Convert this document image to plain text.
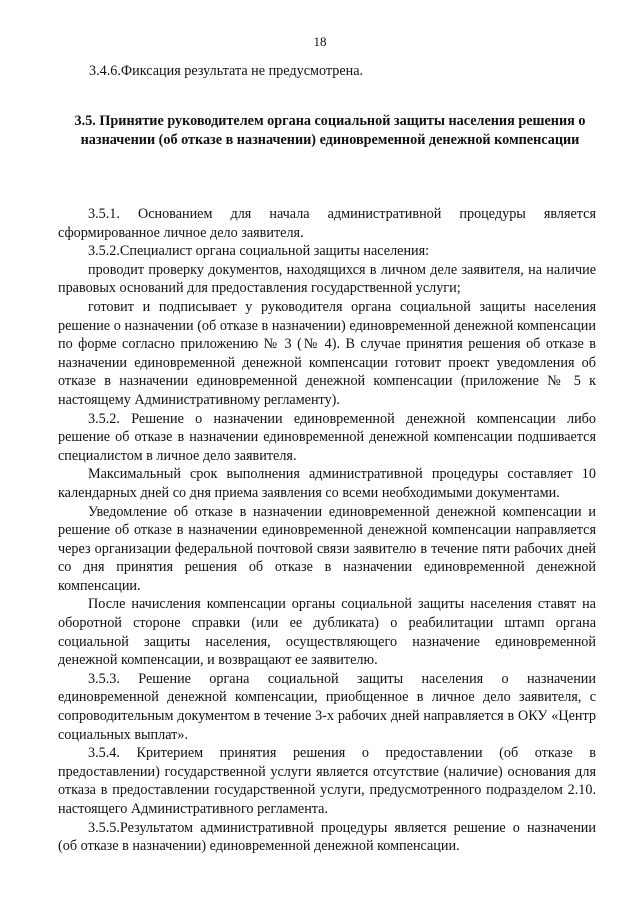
18
3.4.6.Фиксация результата не предусмотрена.
3.5. Принятие руководителем органа социальной защиты населения решения о назначении (об отказе в назначении) единовременной денежной компенсации

3.5.1. Основанием для начала административной процедуры является сформированное личное дело заявителя.

3.5.2.Специалист органа социальной защиты населения:

проводит проверку документов, находящихся в личном деле заявителя, на наличие правовых оснований для предоставления государственной услуги;

готовит и подписывает у руководителя органа социальной защиты населения решение о назначении (об отказе в назначении) единовременной денежной компенсации по форме согласно приложению № 3 (№ 4). В случае принятия решения об отказе в назначении единовременной денежной компенсации готовит проект уведомления об отказе в назначении единовременной денежной компенсации (приложение № 5 к настоящему Административному регламенту).

3.5.2. Решение о назначении единовременной денежной компенсации либо решение об отказе в назначении единовременной денежной компенсации подшивается специалистом в личное дело заявителя.

Максимальный срок выполнения административной процедуры составляет 10 календарных дней со дня приема заявления со всеми необходимыми документами.

Уведомление об отказе в назначении единовременной денежной компенсации и решение об отказе в назначении единовременной денежной компенсации направляется через организации федеральной почтовой связи заявителю в течение пяти рабочих дней со дня принятия решения об отказе в назначении единовременной денежной компенсации.

После начисления компенсации органы социальной защиты населения ставят на оборотной стороне справки (или ее дубликата) о реабилитации штамп органа социальной защиты населения, осуществляющего назначение единовременной денежной компенсации, и возвращают ее заявителю.

3.5.3. Решение органа социальной защиты населения о назначении единовременной денежной компенсации, приобщенное в личное дело заявителя, с сопроводительным документом в течение 3-х рабочих дней направляется в ОКУ «Центр социальных выплат».

3.5.4. Критерием принятия решения о предоставлении (об отказе в предоставлении) государственной услуги является отсутствие (наличие) основания для отказа в предоставлении государственной услуги, предусмотренного подразделом 2.10. настоящего Административного регламента.

3.5.5.Результатом административной процедуры является решение о назначении (об отказе в назначении) единовременной денежной компенсации.
